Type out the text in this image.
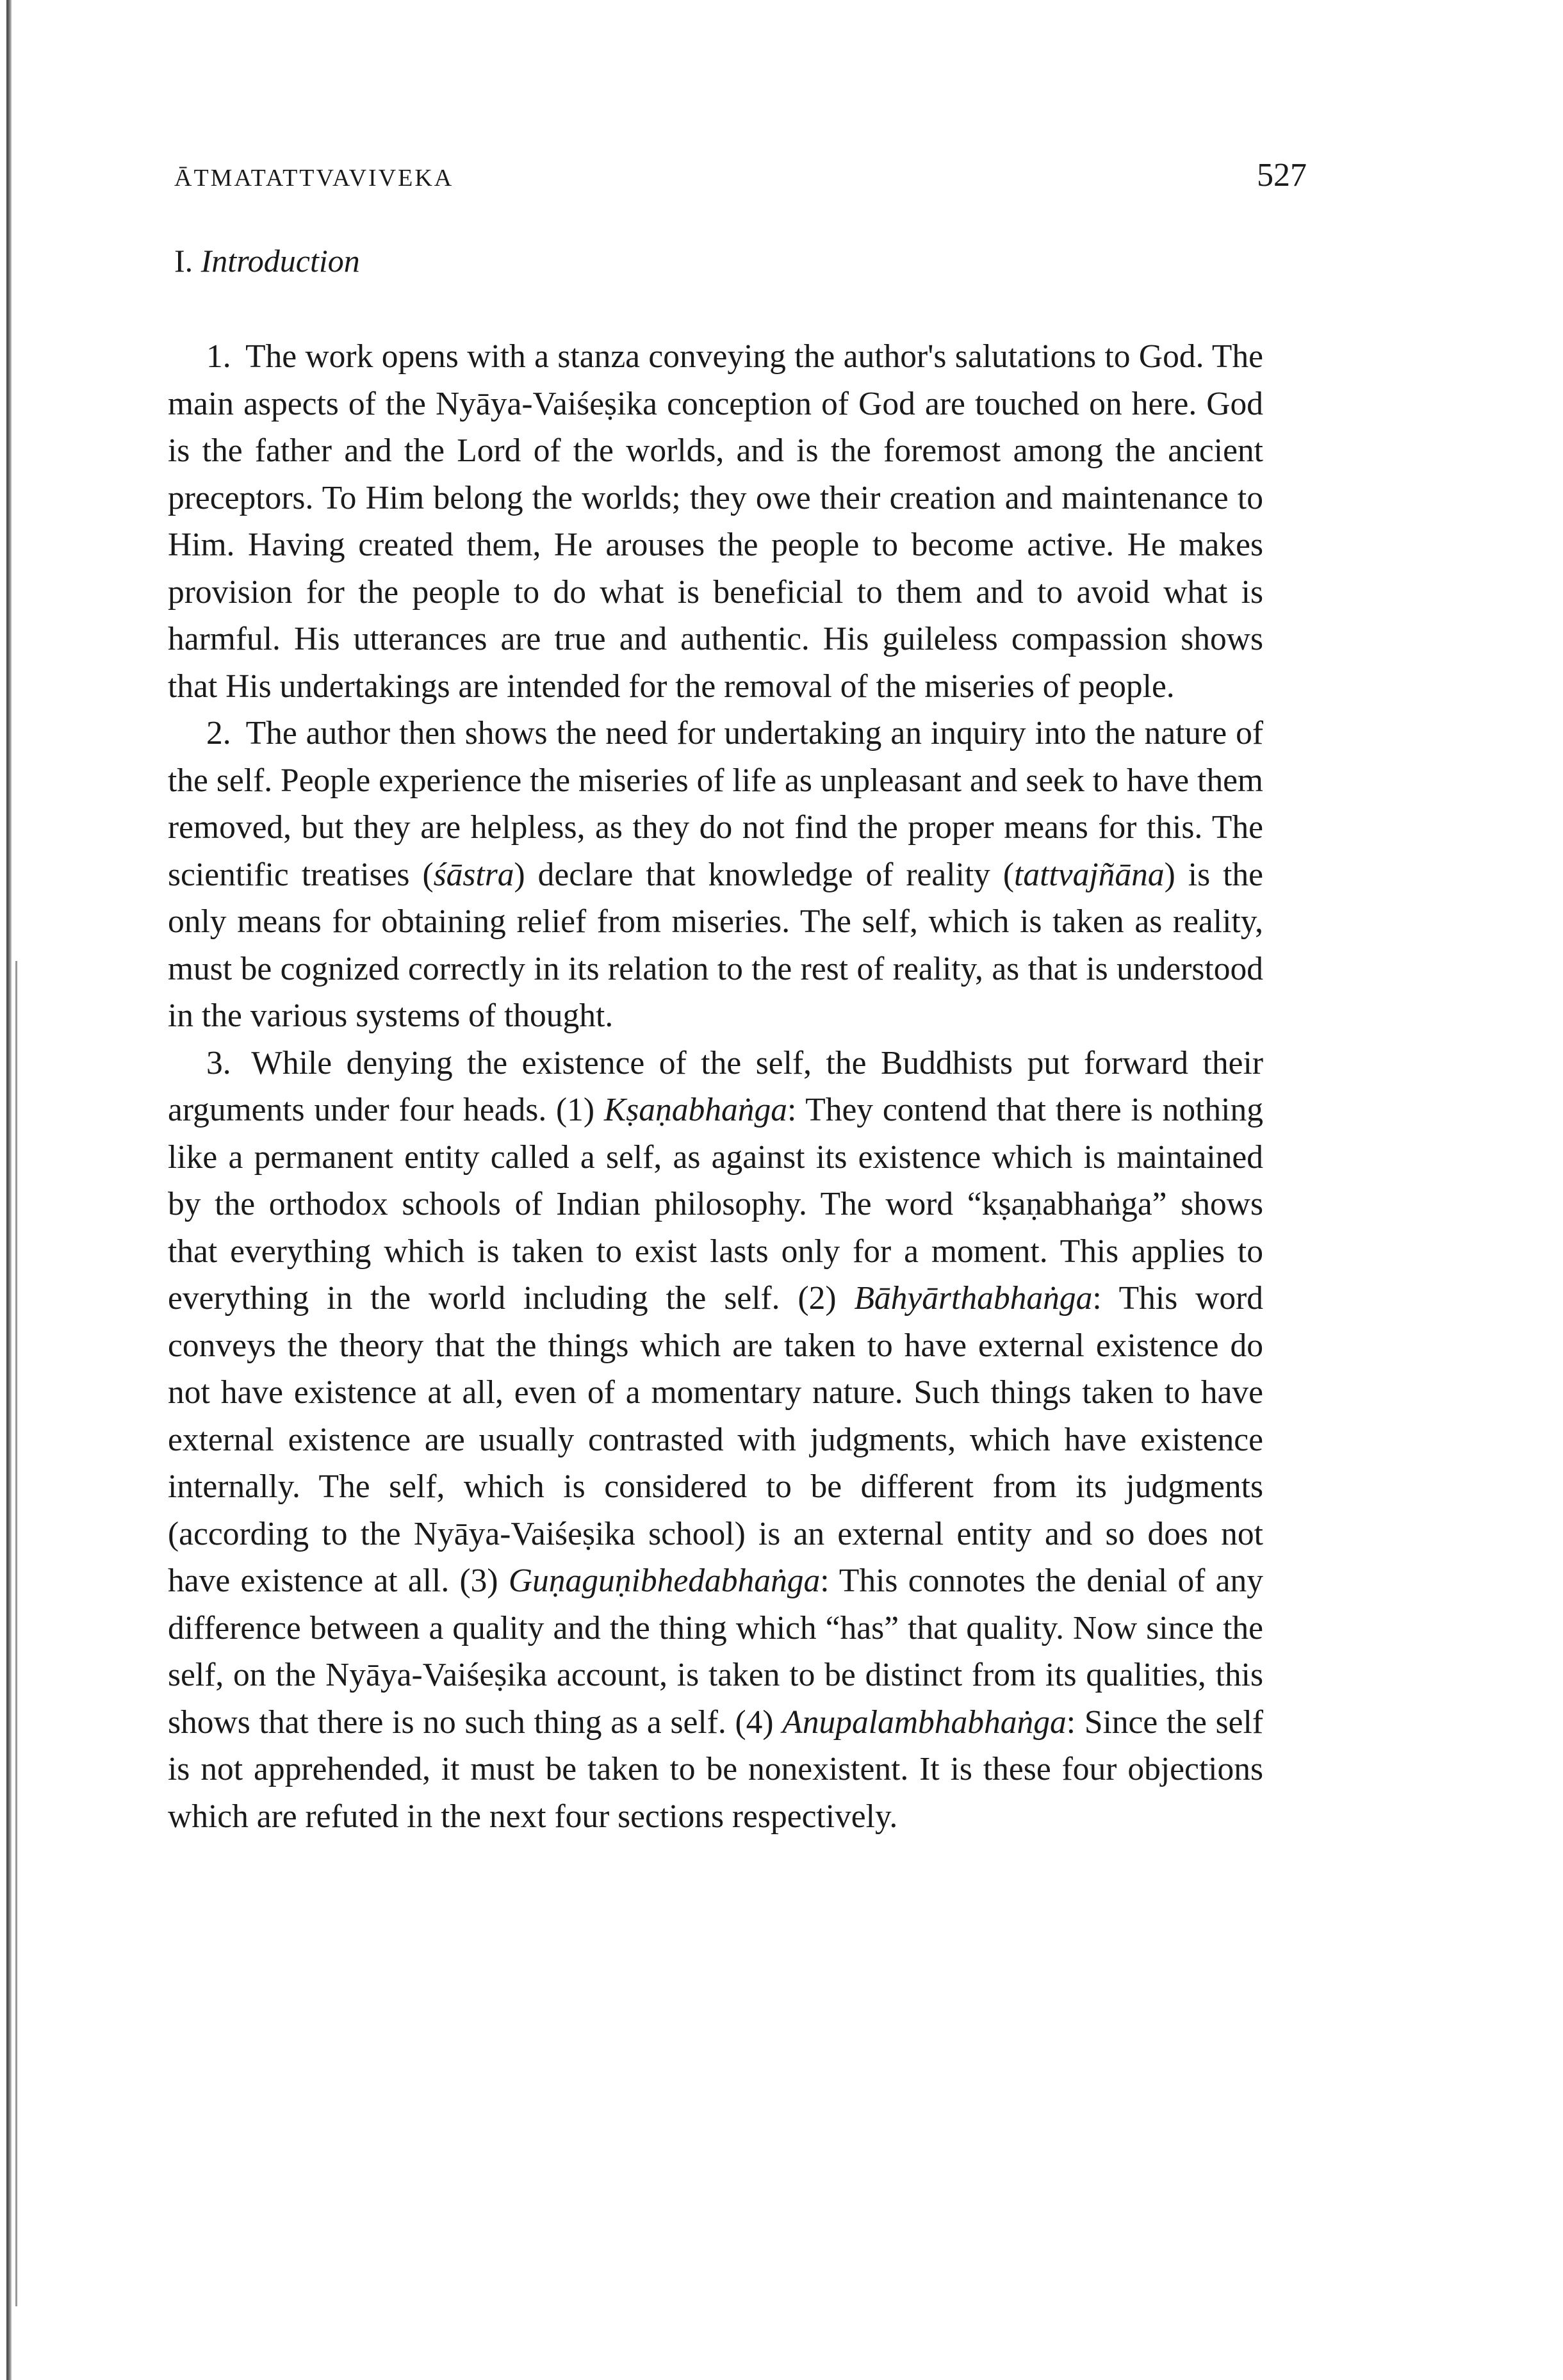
ĀTMATATTVAVIVEKA	527
I. Introduction

1. The work opens with a stanza conveying the author's salutations to God. The main aspects of the Nyāya-Vaiśeṣika conception of God are touched on here. God is the father and the Lord of the worlds, and is the foremost among the ancient preceptors. To Him belong the worlds; they owe their creation and maintenance to Him. Having created them, He arouses the people to become active. He makes provision for the people to do what is beneficial to them and to avoid what is harmful. His utterances are true and authentic. His guileless compassion shows that His undertakings are intended for the removal of the miseries of people.

2. The author then shows the need for undertaking an inquiry into the nature of the self. People experience the miseries of life as unpleasant and seek to have them removed, but they are helpless, as they do not find the proper means for this. The scientific treatises (śāstra) declare that knowledge of reality (tattvajñāna) is the only means for obtaining relief from miseries. The self, which is taken as reality, must be cognized correctly in its relation to the rest of reality, as that is understood in the various systems of thought.

3. While denying the existence of the self, the Buddhists put forward their arguments under four heads. (1) Kṣaṇabhaṅga: They contend that there is nothing like a permanent entity called a self, as against its existence which is maintained by the orthodox schools of Indian philosophy. The word “kṣaṇabhaṅga” shows that everything which is taken to exist lasts only for a moment. This applies to everything in the world including the self. (2) Bāhyārthabhaṅga: This word conveys the theory that the things which are taken to have external existence do not have existence at all, even of a momentary nature. Such things taken to have external existence are usually contrasted with judgments, which have existence internally. The self, which is considered to be different from its judgments (according to the Nyāya-Vaiśeṣika school) is an external entity and so does not have existence at all. (3) Guṇaguṇibhedabhaṅga: This connotes the denial of any difference between a quality and the thing which “has” that quality. Now since the self, on the Nyāya-Vaiśeṣika account, is taken to be distinct from its qualities, this shows that there is no such thing as a self. (4) Anupalambhabhaṅga: Since the self is not apprehended, it must be taken to be nonexistent. It is these four objections which are refuted in the next four sections respectively.
